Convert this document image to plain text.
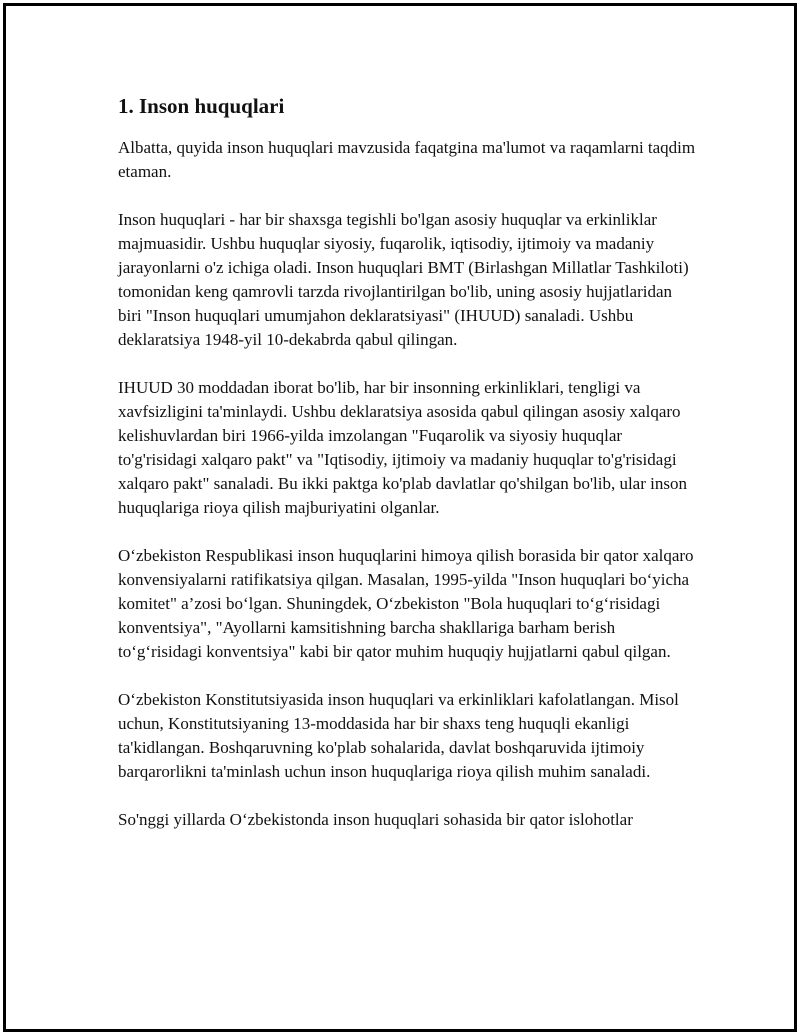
1. Inson huquqlari

Albatta, quyida inson huquqlari mavzusida faqatgina ma'lumot va raqamlarni taqdim etaman.

Inson huquqlari - har bir shaxsga tegishli bo'lgan asosiy huquqlar va erkinliklar majmuasidir. Ushbu huquqlar siyosiy, fuqarolik, iqtisodiy, ijtimoiy va madaniy jarayonlarni o'z ichiga oladi. Inson huquqlari BMT (Birlashgan Millatlar Tashkiloti) tomonidan keng qamrovli tarzda rivojlantirilgan bo'lib, uning asosiy hujjatlaridan biri "Inson huquqlari umumjahon deklaratsiyasi" (IHUUD) sanaladi. Ushbu deklaratsiya 1948-yil 10-dekabrda qabul qilingan.

IHUUD 30 moddadan iborat bo'lib, har bir insonning erkinliklari, tengligi va xavfsizligini ta'minlaydi. Ushbu deklaratsiya asosida qabul qilingan asosiy xalqaro kelishuvlardan biri 1966-yilda imzolangan "Fuqarolik va siyosiy huquqlar to'g'risidagi xalqaro pakt" va "Iqtisodiy, ijtimoiy va madaniy huquqlar to'g'risidagi xalqaro pakt" sanaladi. Bu ikki paktga ko'plab davlatlar qo'shilgan bo'lib, ular inson huquqlariga rioya qilish majburiyatini olganlar.

O‘zbekiston Respublikasi inson huquqlarini himoya qilish borasida bir qator xalqaro konvensiyalarni ratifikatsiya qilgan. Masalan, 1995-yilda "Inson huquqlari bo‘yicha komitet" a’zosi bo‘lgan. Shuningdek, O‘zbekiston "Bola huquqlari to‘g‘risidagi konventsiya", "Ayollarni kamsitishning barcha shakllariga barham berish to‘g‘risidagi konventsiya" kabi bir qator muhim huquqiy hujjatlarni qabul qilgan.

O‘zbekiston Konstitutsiyasida inson huquqlari va erkinliklari kafolatlangan. Misol uchun, Konstitutsiyaning 13-moddasida har bir shaxs teng huquqli ekanligi ta'kidlangan. Boshqaruvning ko'plab sohalarida, davlat boshqaruvida ijtimoiy barqarorlikni ta'minlash uchun inson huquqlariga rioya qilish muhim sanaladi.

So'nggi yillarda O‘zbekistonda inson huquqlari sohasida bir qator islohotlar
